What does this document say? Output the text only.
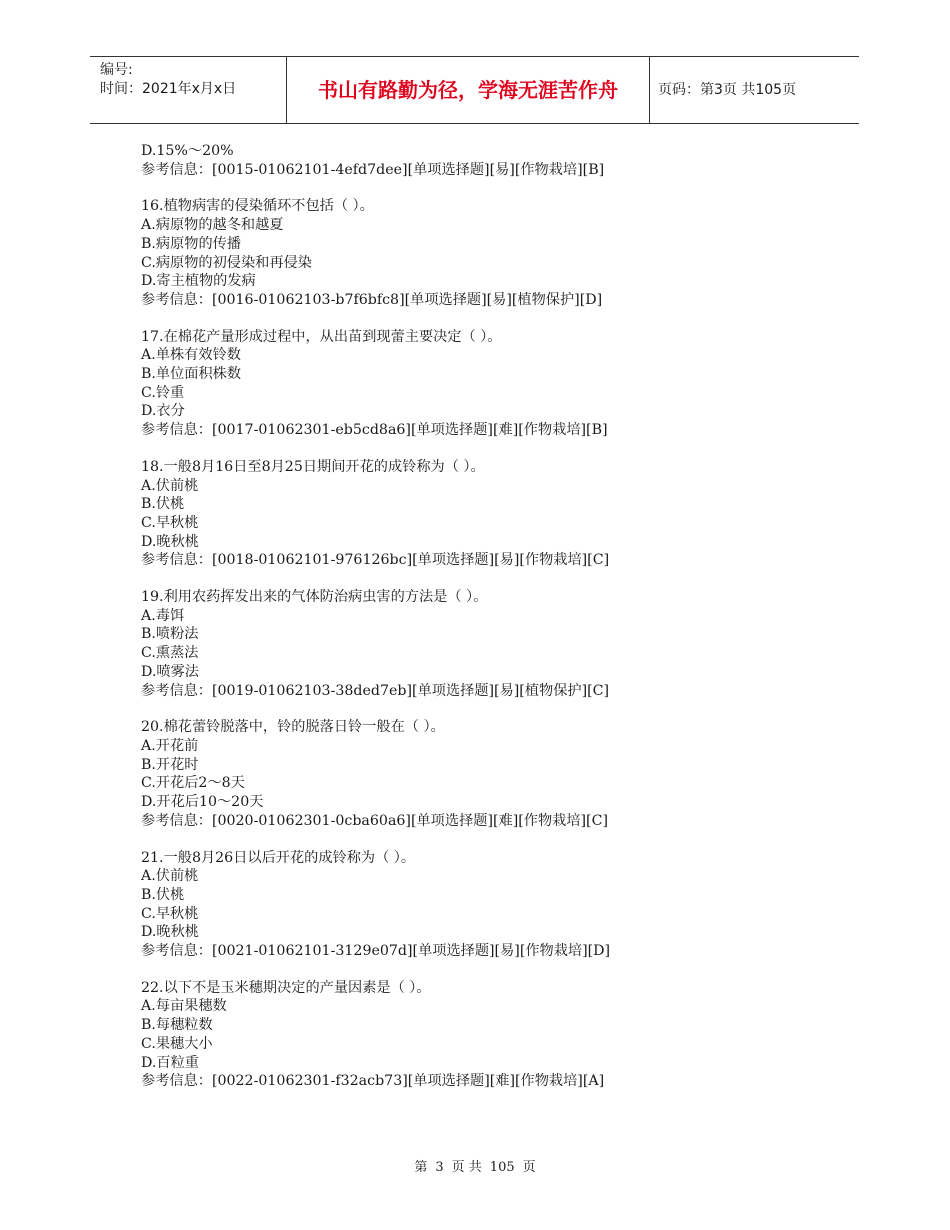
编号:
时间：2021年x月x日	书山有路勤为径，学海无涯苦作舟	页码：第3页 共105页
D.15%～20%
参考信息：[0015-01062101-4efd7dee][单项选择题][易][作物栽培][B]
16.植物病害的侵染循环不包括（ ）。
A.病原物的越冬和越夏
B.病原物的传播
C.病原物的初侵染和再侵染
D.寄主植物的发病
参考信息：[0016-01062103-b7f6bfc8][单项选择题][易][植物保护][D]
17.在棉花产量形成过程中，从出苗到现蕾主要决定（ ）。
A.单株有效铃数
B.单位面积株数
C.铃重
D.衣分
参考信息：[0017-01062301-eb5cd8a6][单项选择题][难][作物栽培][B]
18.一般8月16日至8月25日期间开花的成铃称为（ ）。
A.伏前桃
B.伏桃
C.早秋桃
D.晚秋桃
参考信息：[0018-01062101-976126bc][单项选择题][易][作物栽培][C]
19.利用农药挥发出来的气体防治病虫害的方法是（ ）。
A.毒饵
B.喷粉法
C.熏蒸法
D.喷雾法
参考信息：[0019-01062103-38ded7eb][单项选择题][易][植物保护][C]
20.棉花蕾铃脱落中，铃的脱落日铃一般在（ ）。
A.开花前
B.开花时
C.开花后2～8天
D.开花后10～20天
参考信息：[0020-01062301-0cba60a6][单项选择题][难][作物栽培][C]
21.一般8月26日以后开花的成铃称为（ ）。
A.伏前桃
B.伏桃
C.早秋桃
D.晚秋桃
参考信息：[0021-01062101-3129e07d][单项选择题][易][作物栽培][D]
22.以下不是玉米穗期决定的产量因素是（ ）。
A.每亩果穗数
B.每穗粒数
C.果穗大小
D.百粒重
参考信息：[0022-01062301-f32acb73][单项选择题][难][作物栽培][A]
第 3 页 共 105 页
